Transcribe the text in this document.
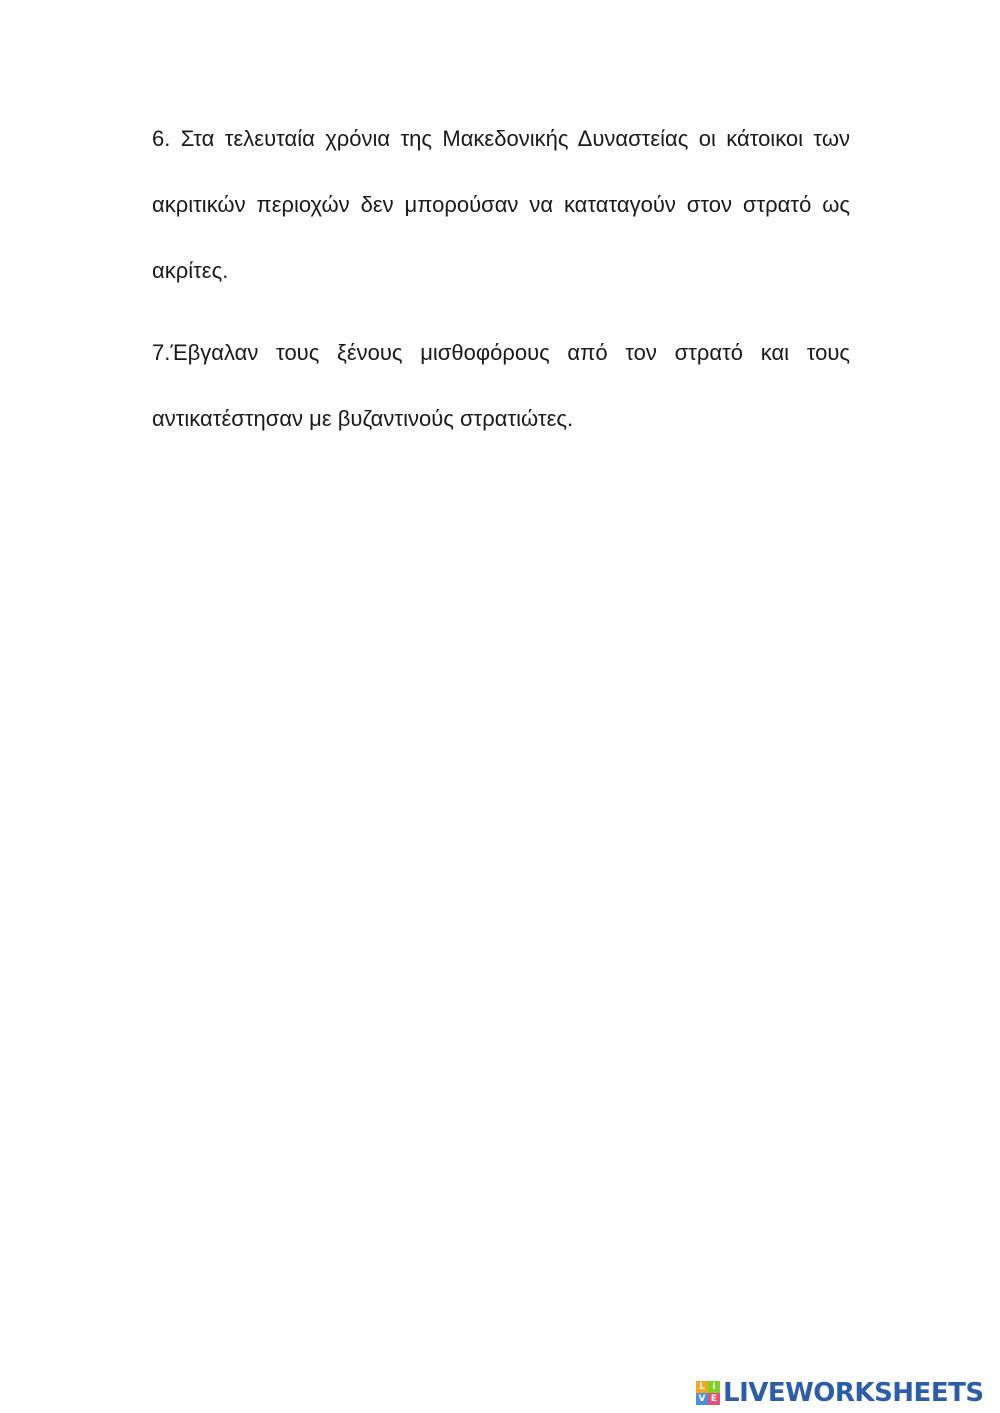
6. Στα τελευταία χρόνια της Μακεδονικής Δυναστείας οι κάτοικοι των ακριτικών περιοχών δεν μπορούσαν να καταταγούν στον στρατό ως ακρίτες.

7.Έβγαλαν τους ξένους μισθοφόρους από τον στρατό και τους αντικατέστησαν με βυζαντινούς στρατιώτες.

L I
V E LIVEWORKSHEETS
